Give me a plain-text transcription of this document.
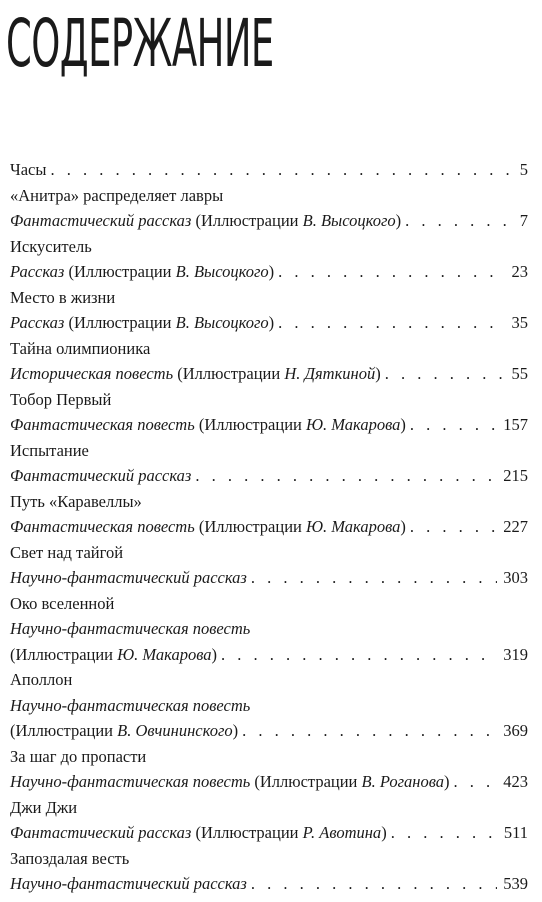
СОДЕРЖАНИЕ
Часы . . .	5
«Анитра» распределяет лавры
Фантастический рассказ (Иллюстрации В. Высоцкого) . . .	7
Искуситель
Рассказ (Иллюстрации В. Высоцкого) . . .	23
Место в жизни
Рассказ (Иллюстрации В. Высоцкого) . . .	35
Тайна олимпионика
Историческая повесть (Иллюстрации Н. Дяткиной) . . .	55
Тобор Первый
Фантастическая повесть (Иллюстрации Ю. Макарова) . . .	157
Испытание
Фантастический рассказ . . .	215
Путь «Каравеллы»
Фантастическая повесть (Иллюстрации Ю. Макарова) . . .	227
Свет над тайгой
Научно-фантастический рассказ . . .	303
Око вселенной
Научно-фантастическая повесть
(Иллюстрации Ю. Макарова) . . .	319
Аполлон
Научно-фантастическая повесть
(Иллюстрации В. Овчининского) . . .	369
За шаг до пропасти
Научно-фантастическая повесть (Иллюстрации В. Роганова) . . .	423
Джи Джи
Фантастический рассказ (Иллюстрации Р. Авотина) . . .	511
Запоздалая весть
Научно-фантастический рассказ . . .	539
